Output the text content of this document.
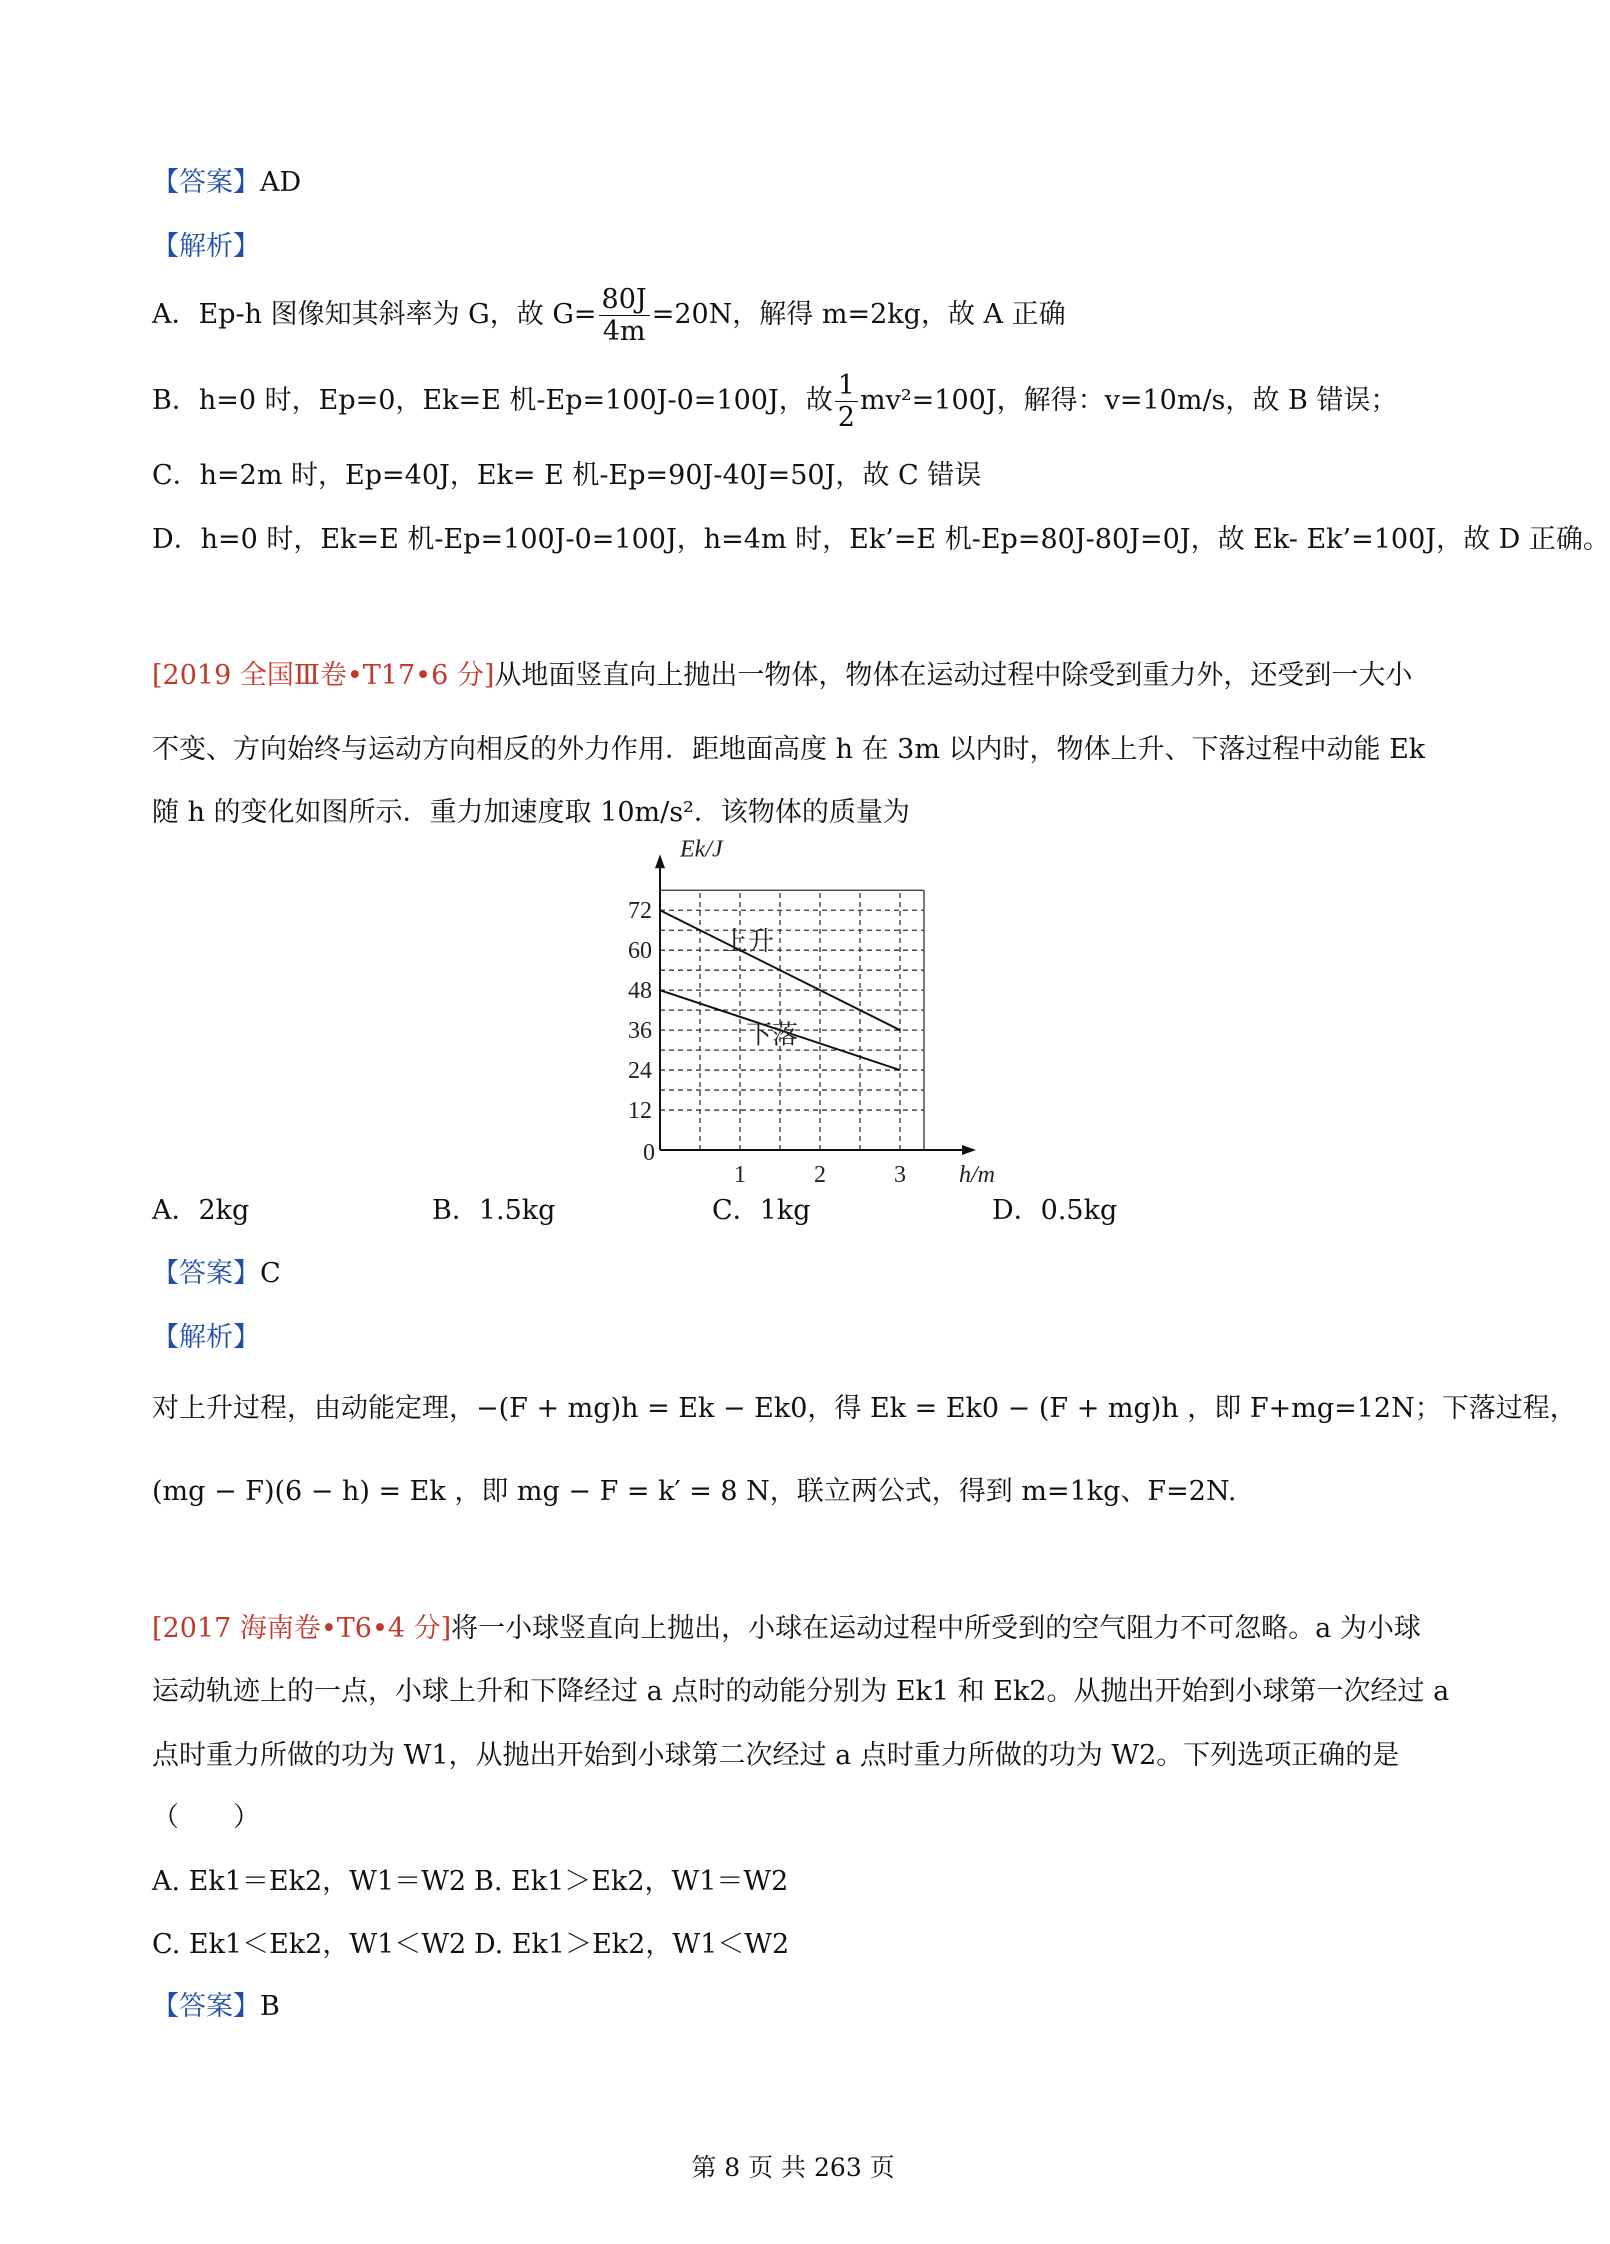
【答案】AD
【解析】
A．Ep-h 图像知其斜率为 G，故 $G= \frac{80J}{4m} =20N$，解得 m=2kg，故 A 正确
B．h=0 时，Ep=0，Ek=E 机-Ep=100J-0=100J，故 $\frac{1}{2} mv^2=100J$，解得：v=10m/s，故 B 错误；
C．h=2m 时，Ep=40J，Ek= E 机-Ep=90J-40J=50J，故 C 错误
D．h=0 时，Ek=E 机-Ep=100J-0=100J，h=4m 时，Ek’=E 机-Ep=80J-80J=0J，故 Ek- Ek’=100J，故 D 正确。
[2019 全国Ⅲ卷•T17•6 分]从地面竖直向上抛出一物体，物体在运动过程中除受到重力外，还受到一大小
不变、方向始终与运动方向相反的外力作用．距地面高度 h 在 3m 以内时，物体上升、下落过程中动能 Ek
随 h 的变化如图所示．重力加速度取 10m/s²．该物体的质量为
12
24
36
48
60
72
0
1	2	3 h/m
Ek/J
上升
下落
A．2kg	B．1.5kg	C．1kg	D．0.5kg
【答案】C
【解析】
对上升过程，由动能定理，−(F + mg)h = Ek − Ek0，得 Ek = Ek0 − (F + mg)h ，即 F+mg=12N；下落过程，
(mg − F)(6 − h) = Ek ，即 mg − F = k′ = 8 N，联立两公式，得到 m=1kg、F=2N.
[2017 海南卷•T6•4 分]将一小球竖直向上抛出，小球在运动过程中所受到的空气阻力不可忽略。a 为小球
运动轨迹上的一点，小球上升和下降经过 a 点时的动能分别为 Ek1 和 Ek2。从抛出开始到小球第一次经过 a
点时重力所做的功为 W1，从抛出开始到小球第二次经过 a 点时重力所做的功为 W2。下列选项正确的是
（　　）
A. Ek1＝Ek2，W1＝W2 B. Ek1＞Ek2，W1＝W2
C. Ek1＜Ek2，W1＜W2 D. Ek1＞Ek2，W1＜W2
【答案】B
第 8 页 共 263 页
